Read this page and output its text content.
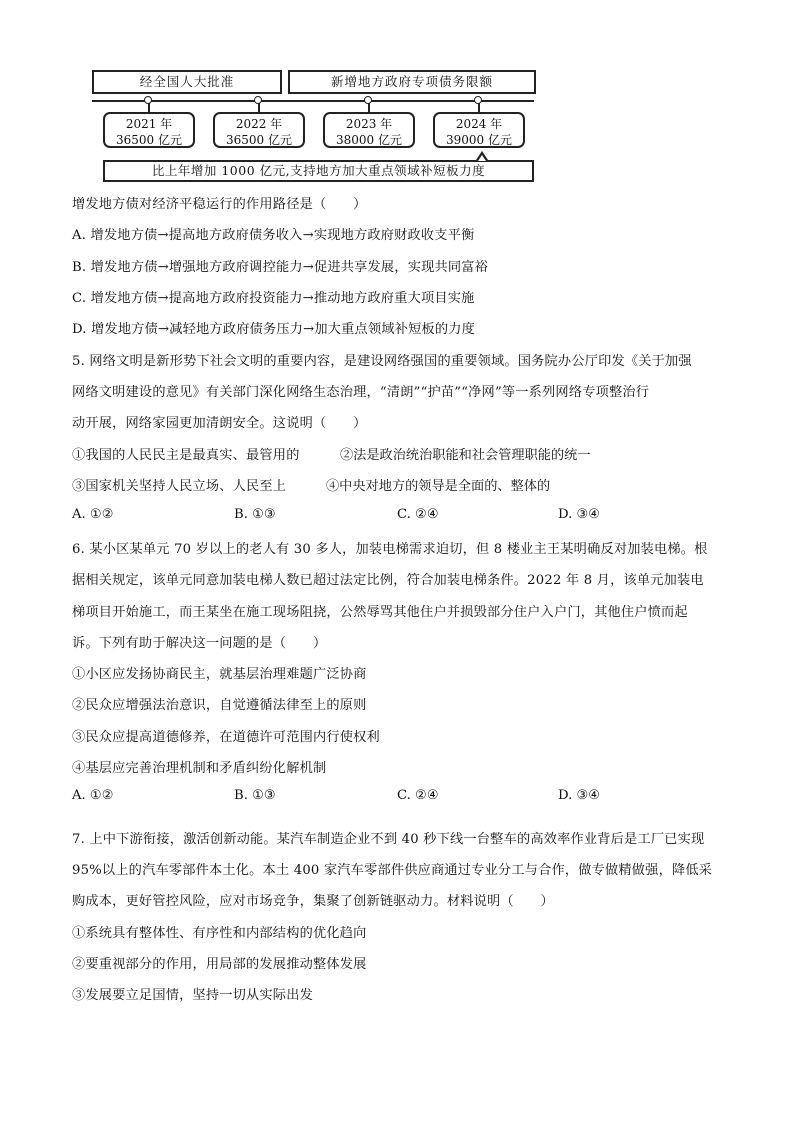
经全国人大批准	新增地方政府专项债务限额
2021 年
36500 亿元
2022 年
36500 亿元
2023 年
38000 亿元
2024 年
39000 亿元
比上年增加 1000 亿元,支持地方加大重点领域补短板力度
增发地方债对经济平稳运行的作用路径是（　　）
A. 增发地方债→提高地方政府债务收入→实现地方政府财政收支平衡
B. 增发地方债→增强地方政府调控能力→促进共享发展，实现共同富裕
C. 增发地方债→提高地方政府投资能力→推动地方政府重大项目实施
D. 增发地方债→减轻地方政府债务压力→加大重点领域补短板的力度
5. 网络文明是新形势下社会文明的重要内容，是建设网络强国的重要领域。国务院办公厅印发《关于加强
网络文明建设的意见》有关部门深化网络生态治理，“清朗”“护苗”“净网”等一系列网络专项整治行
动开展，网络家园更加清朗安全。这说明（　　）
①我国的人民民主是最真实、最管用的	②法是政治统治职能和社会管理职能的统一
③国家机关坚持人民立场、人民至上	④中央对地方的领导是全面的、整体的
A. ①②	B. ①③	C. ②④	D. ③④
6. 某小区某单元 70 岁以上的老人有 30 多人，加装电梯需求迫切，但 8 楼业主王某明确反对加装电梯。根
据相关规定，该单元同意加装电梯人数已超过法定比例，符合加装电梯条件。2022 年 8 月，该单元加装电
梯项目开始施工，而王某坐在施工现场阻挠，公然辱骂其他住户并损毁部分住户入户门，其他住户愤而起
诉。下列有助于解决这一问题的是（　　）
①小区应发扬协商民主，就基层治理难题广泛协商
②民众应增强法治意识，自觉遵循法律至上的原则
③民众应提高道德修养，在道德许可范围内行使权利
④基层应完善治理机制和矛盾纠纷化解机制
A. ①②	B. ①③	C. ②④	D. ③④
7. 上中下游衔接，激活创新动能。某汽车制造企业不到 40 秒下线一台整车的高效率作业背后是工厂已实现
95%以上的汽车零部件本土化。本土 400 家汽车零部件供应商通过专业分工与合作，做专做精做强，降低采
购成本，更好管控风险，应对市场竞争，集聚了创新链驱动力。材料说明（　　）
①系统具有整体性、有序性和内部结构的优化趋向
②要重视部分的作用，用局部的发展推动整体发展
③发展要立足国情，坚持一切从实际出发
